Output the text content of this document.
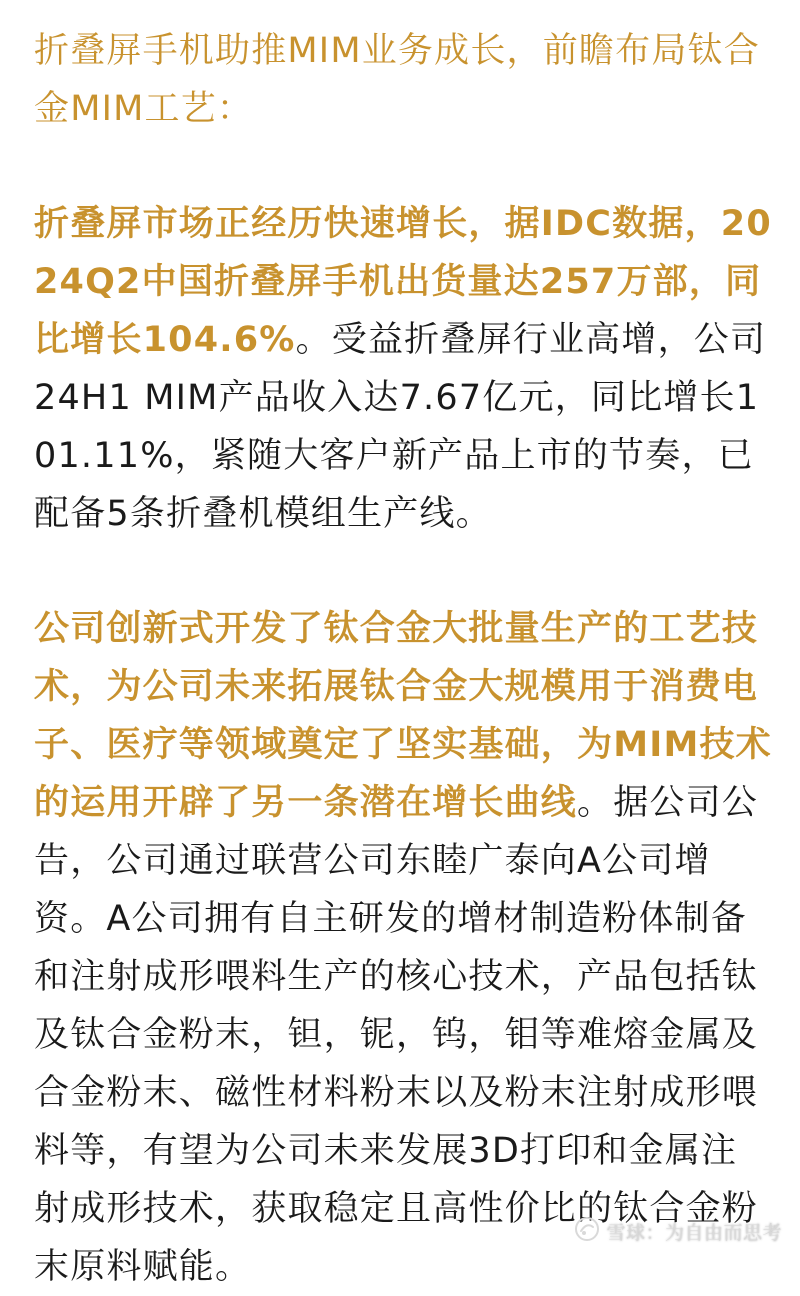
折叠屏手机助推MIM业务成长，前瞻布局钛合金MIM工艺：

折叠屏市场正经历快速增长，据IDC数据，2024Q2中国折叠屏手机出货量达257万部，同比增长104.6%。受益折叠屏行业高增，公司24H1 MIM产品收入达7.67亿元，同比增长101.11%，紧随大客户新产品上市的节奏，已配备5条折叠机模组生产线。

公司创新式开发了钛合金大批量生产的工艺技术，为公司未来拓展钛合金大规模用于消费电子、医疗等领域奠定了坚实基础，为MIM技术的运用开辟了另一条潜在增长曲线。据公司公告，公司通过联营公司东睦广泰向A公司增资。A公司拥有自主研发的增材制造粉体制备和注射成形喂料生产的核心技术，产品包括钛及钛合金粉末，钽，铌，钨，钼等难熔金属及合金粉末、磁性材料粉末以及粉末注射成形喂料等，有望为公司未来发展3D打印和金属注射成形技术，获取稳定且高性价比的钛合金粉末原料赋能。

雪球：为自由而思考
